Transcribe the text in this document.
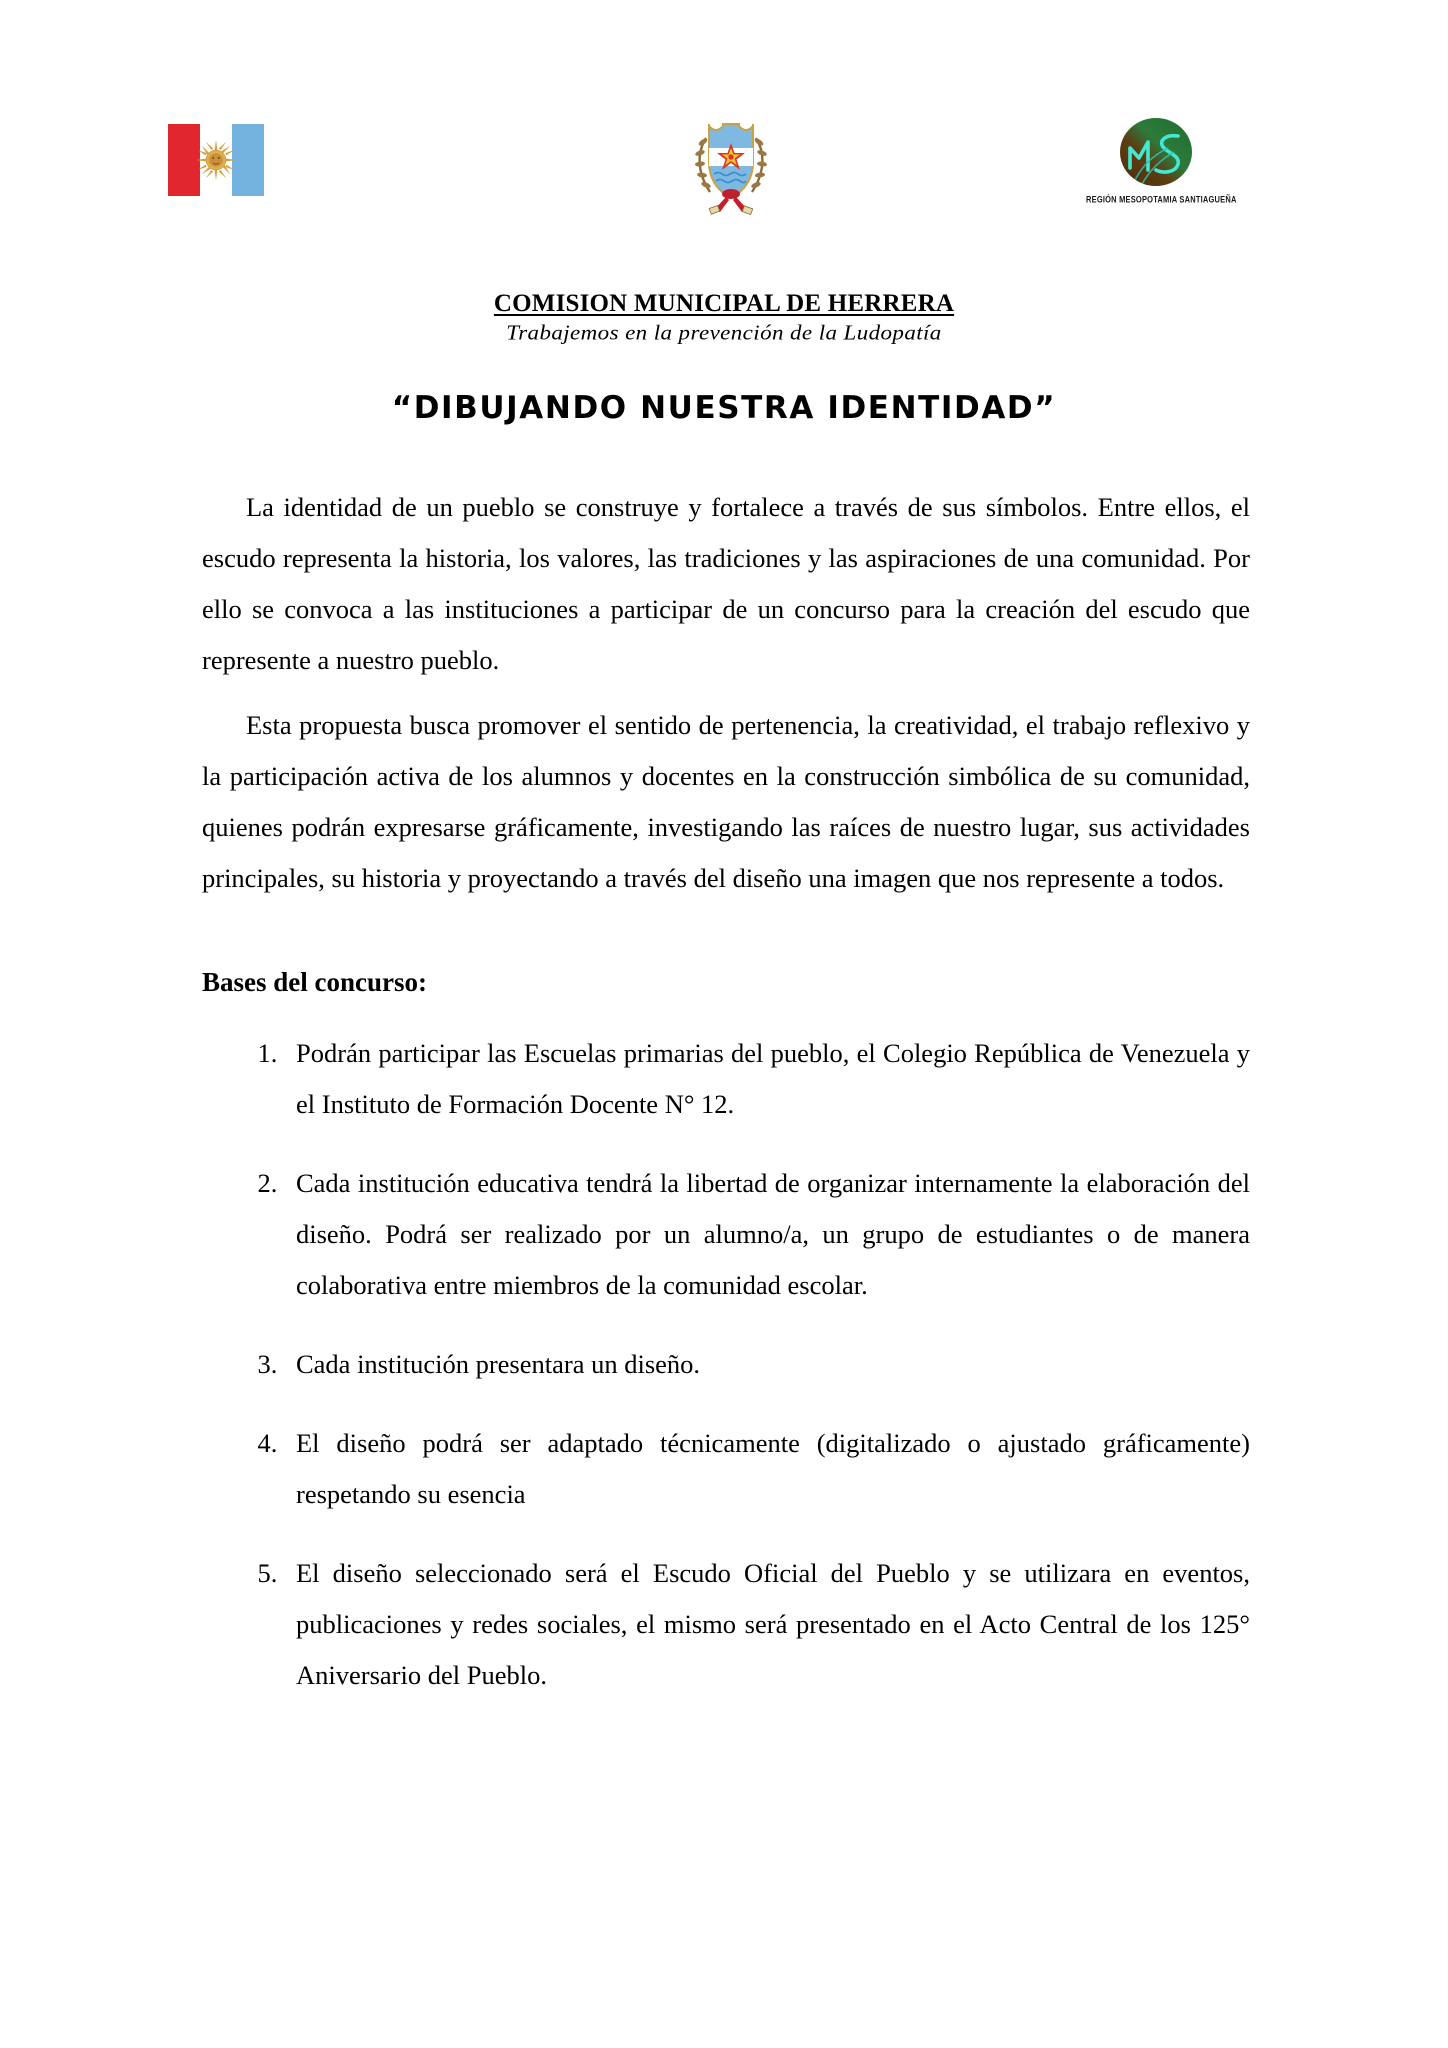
REGIÓN MESOPOTAMIA SANTIAGUEÑA
COMISION MUNICIPAL DE HERRERA
Trabajemos en la prevención de la Ludopatía
“DIBUJANDO NUESTRA IDENTIDAD”

La identidad de un pueblo se construye y fortalece a través de sus símbolos. Entre ellos, el escudo representa la historia, los valores, las tradiciones y las aspiraciones de una comunidad. Por ello se convoca a las instituciones a participar de un concurso para la creación del escudo que represente a nuestro pueblo.

Esta propuesta busca promover el sentido de pertenencia, la creatividad, el trabajo reflexivo y la participación activa de los alumnos y docentes en la construcción simbólica de su comunidad, quienes podrán expresarse gráficamente, investigando las raíces de nuestro lugar, sus actividades principales, su historia y proyectando a través del diseño una imagen que nos represente a todos.

Bases del concurso:
1. Podrán participar las Escuelas primarias del pueblo, el Colegio República de Venezuela y el Instituto de Formación Docente N° 12.
2. Cada institución educativa tendrá la libertad de organizar internamente la elaboración del diseño. Podrá ser realizado por un alumno/a, un grupo de estudiantes o de manera colaborativa entre miembros de la comunidad escolar.
3. Cada institución presentara un diseño.
4. El diseño podrá ser adaptado técnicamente (digitalizado o ajustado gráficamente) respetando su esencia
5. El diseño seleccionado será el Escudo Oficial del Pueblo y se utilizara en eventos, publicaciones y redes sociales, el mismo será presentado en el Acto Central de los 125° Aniversario del Pueblo.
